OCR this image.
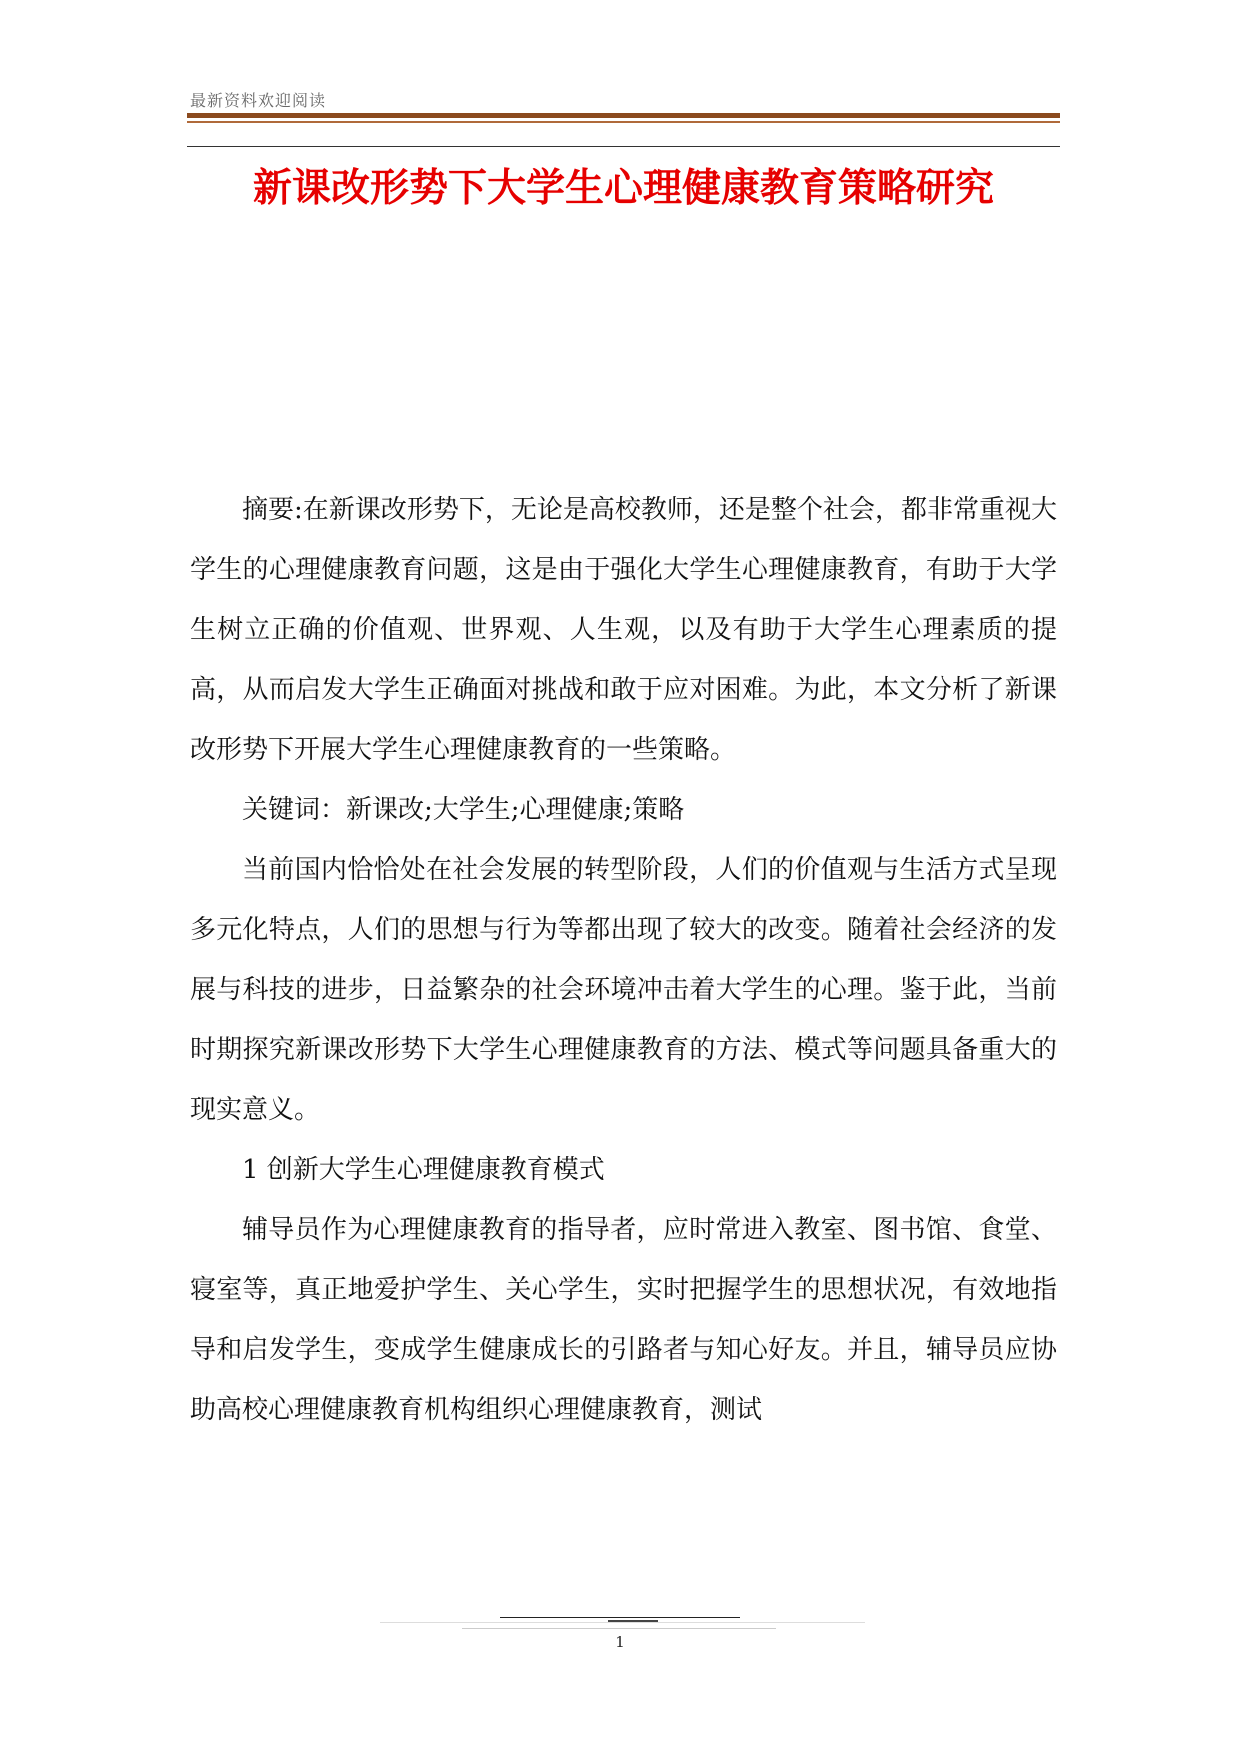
最新资料欢迎阅读
新课改形势下大学生心理健康教育策略研究

摘要:在新课改形势下，无论是高校教师，还是整个社会，都非常重视大学生的心理健康教育问题，这是由于强化大学生心理健康教育，有助于大学生树立正确的价值观、世界观、人生观，以及有助于大学生心理素质的提高，从而启发大学生正确面对挑战和敢于应对困难。为此，本文分析了新课改形势下开展大学生心理健康教育的一些策略。

关键词：新课改;大学生;心理健康;策略

当前国内恰恰处在社会发展的转型阶段，人们的价值观与生活方式呈现多元化特点，人们的思想与行为等都出现了较大的改变。随着社会经济的发展与科技的进步，日益繁杂的社会环境冲击着大学生的心理。鉴于此，当前时期探究新课改形势下大学生心理健康教育的方法、模式等问题具备重大的现实意义。

1 创新大学生心理健康教育模式

辅导员作为心理健康教育的指导者，应时常进入教室、图书馆、食堂、寝室等，真正地爱护学生、关心学生，实时把握学生的思想状况，有效地指导和启发学生，变成学生健康成长的引路者与知心好友。并且，辅导员应协助高校心理健康教育机构组织心理健康教育，测试

1
